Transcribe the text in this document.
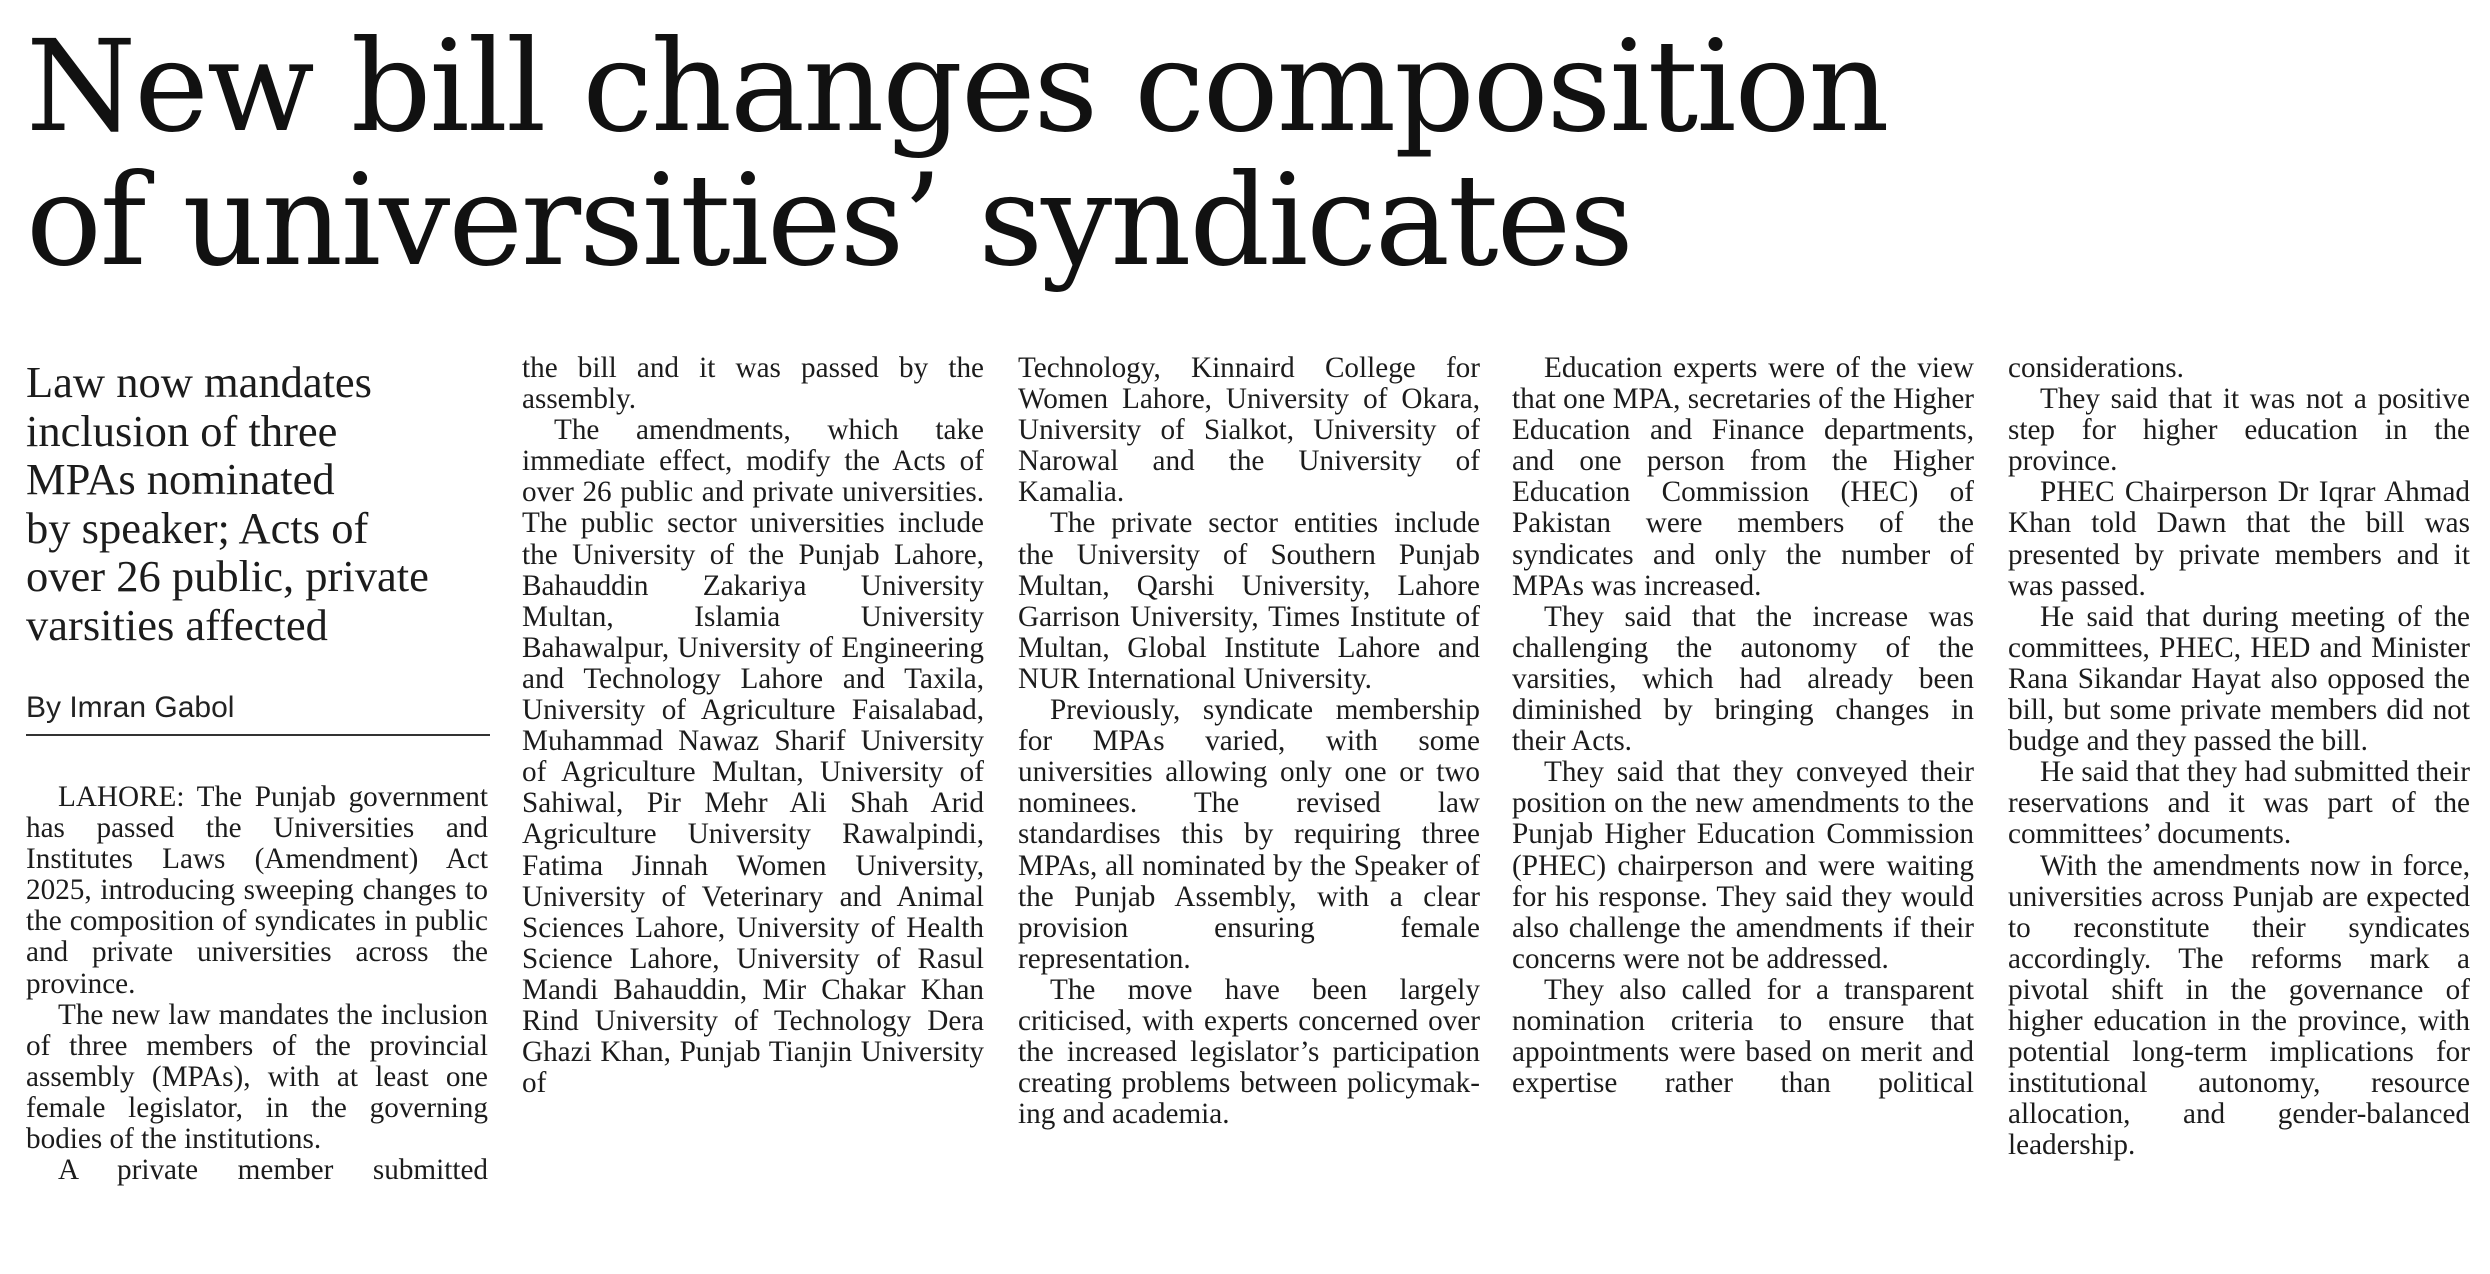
New bill changes composition
of universities’ syndicates
Law now mandates
inclusion of three
MPAs nominated
by speaker; Acts of
over 26 public, private
varsities affected
By Imran Gabol

LAHORE: The Punjab government has passed the Universities and Institutes Laws (Amendment) Act 2025, introducing sweeping changes to the composition of syndicates in public and private universities across the province.

The new law mandates the inclusion of three members of the provincial assembly (MPAs), with at least one female legislator, in the governing bodies of the institutions.

A private member submitted

the bill and it was passed by the assembly.

The amendments, which take immediate effect, modify the Acts of over 26 public and private universities. The public sector universities include the University of the Punjab Lahore, Bahauddin Zakariya University Multan, Islamia University Bahawalpur, University of Engineering and Technology Lahore and Taxila, University of Agriculture Faisalabad, Muhammad Nawaz Sharif University of Agriculture Multan, University of Sahiwal, Pir Mehr Ali Shah Arid Agriculture University Rawalpindi, Fatima Jinnah Women University, University of Veterinary and Animal Sciences Lahore, University of Health Science Lahore, University of Rasul Mandi Bahauddin, Mir Chakar Khan Rind University of Technology Dera Ghazi Khan, Punjab Tianjin University of

Technology, Kinnaird College for Women Lahore, University of Okara, University of Sialkot, University of Narowal and the University of Kamalia.

The private sector entities include the University of Southern Punjab Multan, Qarshi University, Lahore Garrison University, Times Institute of Multan, Global Institute Lahore and NUR International University.

Previously, syndicate membership for MPAs varied, with some universities allowing only one or two nominees. The revised law standardises this by requiring three MPAs, all nominated by the Speaker of the Punjab Assembly, with a clear provision ensuring female representation.

The move have been largely criticised, with experts concerned over the increased legislator’s participation creating problems between policymaking and academia.

Education experts were of the view that one MPA, secretaries of the Higher Education and Finance departments, and one person from the Higher Education Commission (HEC) of Pakistan were members of the syndicates and only the number of MPAs was increased.

They said that the increase was challenging the autonomy of the varsities, which had already been diminished by bringing changes in their Acts.

They said that they conveyed their position on the new amendments to the Punjab Higher Education Commission (PHEC) chairperson and were waiting for his response. They said they would also challenge the amendments if their concerns were not be addressed.

They also called for a transparent nomination criteria to ensure that appointments were based on merit and expertise rather than political

considerations.

They said that it was not a positive step for higher education in the province.

PHEC Chairperson Dr Iqrar Ahmad Khan told Dawn that the bill was presented by private members and it was passed.

He said that during meeting of the committees, PHEC, HED and Minister Rana Sikandar Hayat also opposed the bill, but some private members did not budge and they passed the bill.

He said that they had submitted their reservations and it was part of the committees’ documents.

With the amendments now in force, universities across Punjab are expected to reconstitute their syndicates accordingly. The reforms mark a pivotal shift in the governance of higher education in the province, with potential long-term implications for institutional autonomy, resource allocation, and gender-balanced leadership.
